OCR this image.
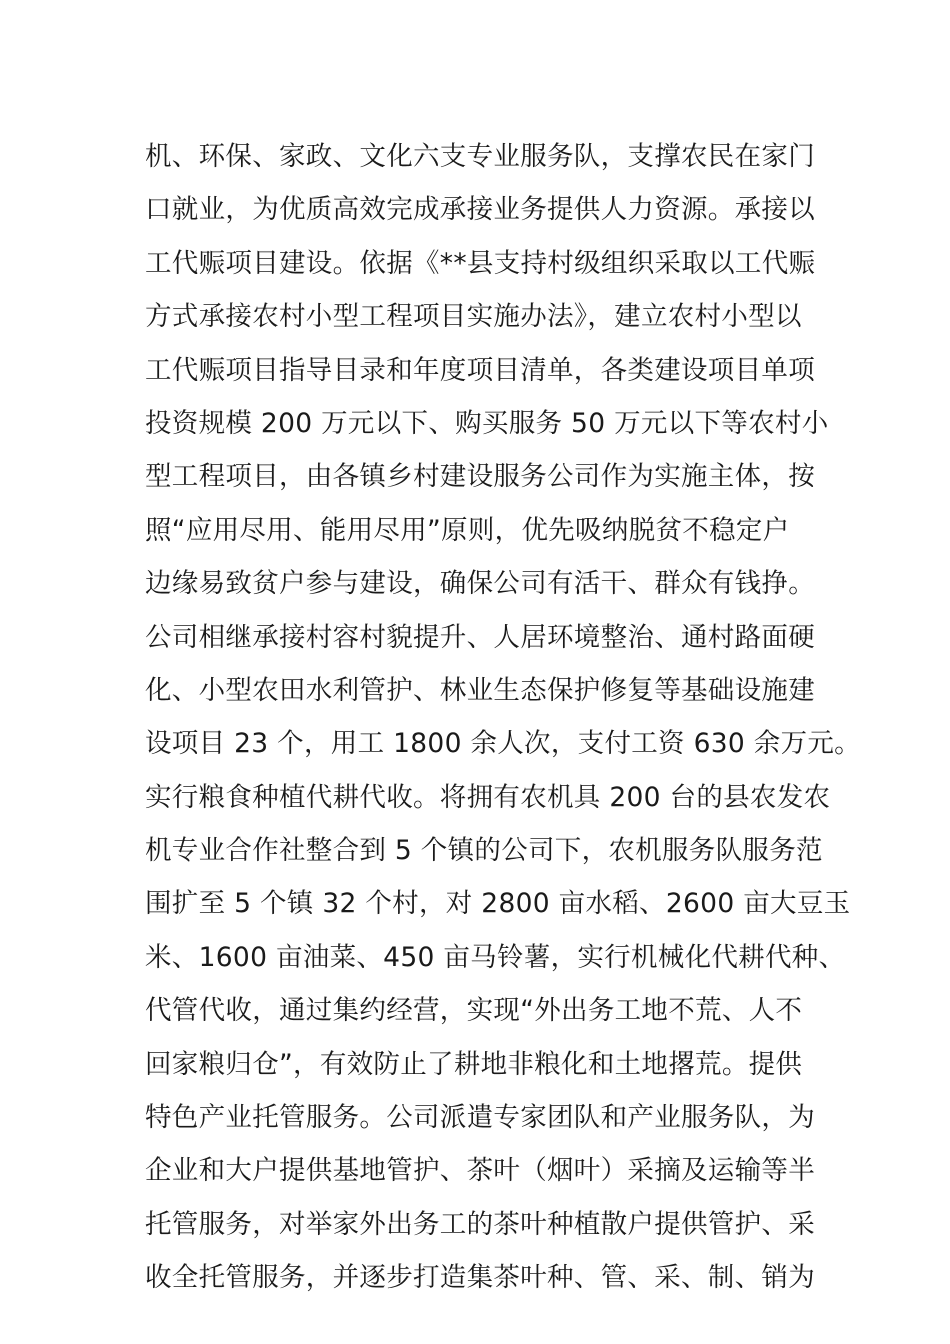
机、环保、家政、文化六支专业服务队，支撑农民在家门
口就业，为优质高效完成承接业务提供人力资源。承接以
工代赈项目建设。依据《**县支持村级组织采取以工代赈
方式承接农村小型工程项目实施办法》，建立农村小型以
工代赈项目指导目录和年度项目清单，各类建设项目单项
投资规模 200 万元以下、购买服务 50 万元以下等农村小
型工程项目，由各镇乡村建设服务公司作为实施主体，按
照“应用尽用、能用尽用”原则，优先吸纳脱贫不稳定户
边缘易致贫户参与建设，确保公司有活干、群众有钱挣。
公司相继承接村容村貌提升、人居环境整治、通村路面硬
化、小型农田水利管护、林业生态保护修复等基础设施建
设项目 23 个，用工 1800 余人次，支付工资 630 余万元。
实行粮食种植代耕代收。将拥有农机具 200 台的县农发农
机专业合作社整合到 5 个镇的公司下，农机服务队服务范
围扩至 5 个镇 32 个村，对 2800 亩水稻、2600 亩大豆玉
米、1600 亩油菜、450 亩马铃薯，实行机械化代耕代种、
代管代收，通过集约经营，实现“外出务工地不荒、人不
回家粮归仓”，有效防止了耕地非粮化和土地撂荒。提供
特色产业托管服务。公司派遣专家团队和产业服务队，为
企业和大户提供基地管护、茶叶（烟叶）采摘及运输等半
托管服务，对举家外出务工的茶叶种植散户提供管护、采
收全托管服务，并逐步打造集茶叶种、管、采、制、销为
